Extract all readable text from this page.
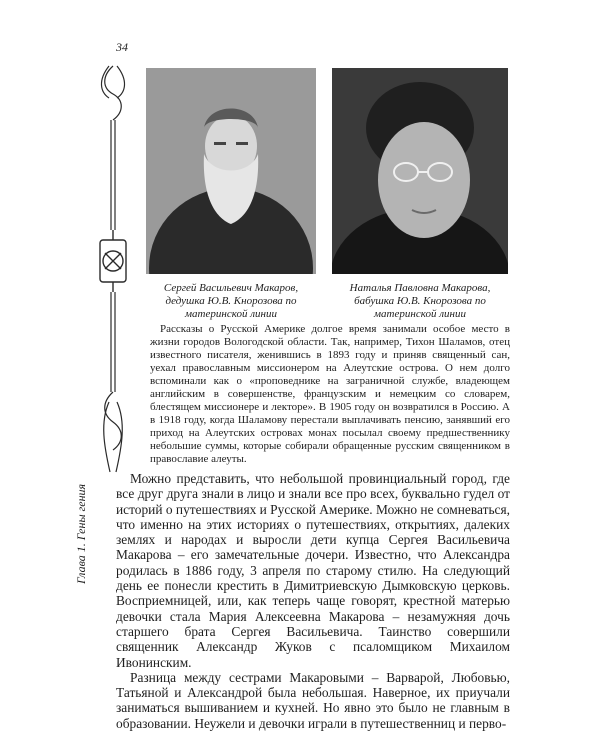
34
Глава 1. Гены гения
Сергей Васильевич Макаров,
дедушка Ю.В. Кнорозова по
материнской линии
Наталья Павловна Макарова,
бабушка Ю.В. Кнорозова по
материнской линии

Рассказы о Русской Америке долгое время занимали особое место в жизни городов Вологодской области. Так, например, Тихон Шаламов, отец известного писателя, женившись в 1893 году и приняв священный сан, уехал православным миссионером на Алеутские острова. О нем долго вспоминали как о «проповеднике на заграничной службе, владеющем английским в совершенстве, французским и немецким со словарем, блестящем миссионере и лекторе». В 1905 году он возвратился в Россию. А в 1918 году, когда Шаламову перестали выплачивать пенсию, занявший его приход на Алеутских островах монах посылал своему предшественнику небольшие суммы, которые собирали обращенные русским священником в православие алеуты.

Можно представить, что небольшой провинциальный город, где все друг друга знали в лицо и знали все про всех, буквально гудел от историй о путешествиях и Русской Америке. Можно не сомневаться, что именно на этих историях о путешествиях, открытиях, далеких землях и народах и выросли дети купца Сергея Васильевича Макарова – его замечательные дочери. Известно, что Александра родилась в 1886 году, 3 апреля по старому стилю. На следующий день ее понесли крестить в Димитриевскую Дымковскую церковь. Восприемницей, или, как теперь чаще говорят, крестной матерью девочки стала Мария Алексеевна Макарова – незамужняя дочь старшего брата Сергея Васильевича. Таинство совершили священник Александр Жуков с псаломщиком Михаилом Ивонинским.

Разница между сестрами Макаровыми – Варварой, Любовью, Татьяной и Александрой была небольшая. Наверное, их приучали заниматься вышиванием и кухней. Но явно это было не главным в образовании. Неужели и девочки играли в путешественниц и перво-
